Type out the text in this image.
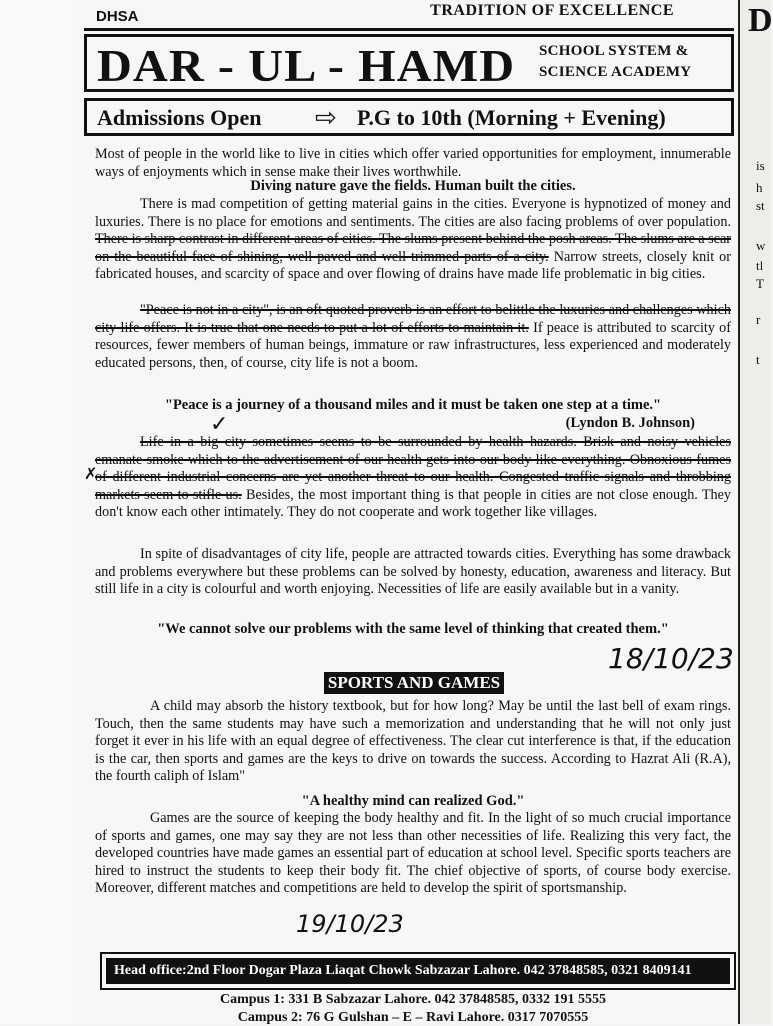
D
is
h
st
w
tl
T
r
t
DHSA	TRADITION OF EXCELLENCE
DAR - UL - HAMD SCHOOL SYSTEM &
SCIENCE ACADEMY
Admissions Open ⇨ P.G to 10th (Morning + Evening)

Most of people in the world like to live in cities which offer varied opportunities for employment, innumerable ways of enjoyments which in sense make their lives worthwhile.

Diving nature gave the fields. Human built the cities.

There is mad competition of getting material gains in the cities. Everyone is hypnotized of money and luxuries. There is no place for emotions and sentiments. The cities are also facing problems of over population. There is sharp contrast in different areas of cities. The slums present behind the posh areas. The slums are a scar on the beautiful face of shining, well paved and well trimmed parts of a city. Narrow streets, closely knit or fabricated houses, and scarcity of space and over flowing of drains have made life problematic in big cities.

"Peace is not in a city", is an oft quoted proverb is an effort to belittle the luxuries and challenges which city life offers. It is true that one needs to put a lot of efforts to maintain it. If peace is attributed to scarcity of resources, fewer members of human beings, immature or raw infrastructures, less experienced and moderately educated persons, then, of course, city life is not a boom.

"Peace is a journey of a thousand miles and it must be taken one step at a time."
(Lyndon B. Johnson)

Life in a big city sometimes seems to be surrounded by health hazards. Brisk and noisy vehicles emanate smoke which to the advertisement of our health gets into our body like everything. Obnoxious fumes of different industrial concerns are yet another threat to our health. Congested traffic signals and throbbing markets seem to stifle us. Besides, the most important thing is that people in cities are not close enough. They don't know each other intimately. They do not cooperate and work together like villages.

In spite of disadvantages of city life, people are attracted towards cities. Everything has some drawback and problems everywhere but these problems can be solved by honesty, education, awareness and literacy. But still life in a city is colourful and worth enjoying. Necessities of life are easily available but in a vanity.

"We cannot solve our problems with the same level of thinking that created them."
✓
✗
18/10/23
19/10/23
SPORTS AND GAMES

A child may absorb the history textbook, but for how long? May be until the last bell of exam rings. Touch, then the same students may have such a memorization and understanding that he will not only just forget it ever in his life with an equal degree of effectiveness. The clear cut interference is that, if the education is the car, then sports and games are the keys to drive on towards the success. According to Hazrat Ali (R.A), the fourth caliph of Islam"

"A healthy mind can realized God."

Games are the source of keeping the body healthy and fit. In the light of so much crucial importance of sports and games, one may say they are not less than other necessities of life. Realizing this very fact, the developed countries have made games an essential part of education at school level. Specific sports teachers are hired to instruct the students to keep their body fit. The chief objective of sports, of course body exercise. Moreover, different matches and competitions are held to develop the spirit of sportsmanship.

Head office:2nd Floor Dogar Plaza Liaqat Chowk Sabzazar Lahore. 042 37848585, 0321 8409141
Campus 1: 331 B Sabzazar Lahore. 042 37848585, 0332 191 5555
Campus 2: 76 G Gulshan – E – Ravi Lahore. 0317 7070555
